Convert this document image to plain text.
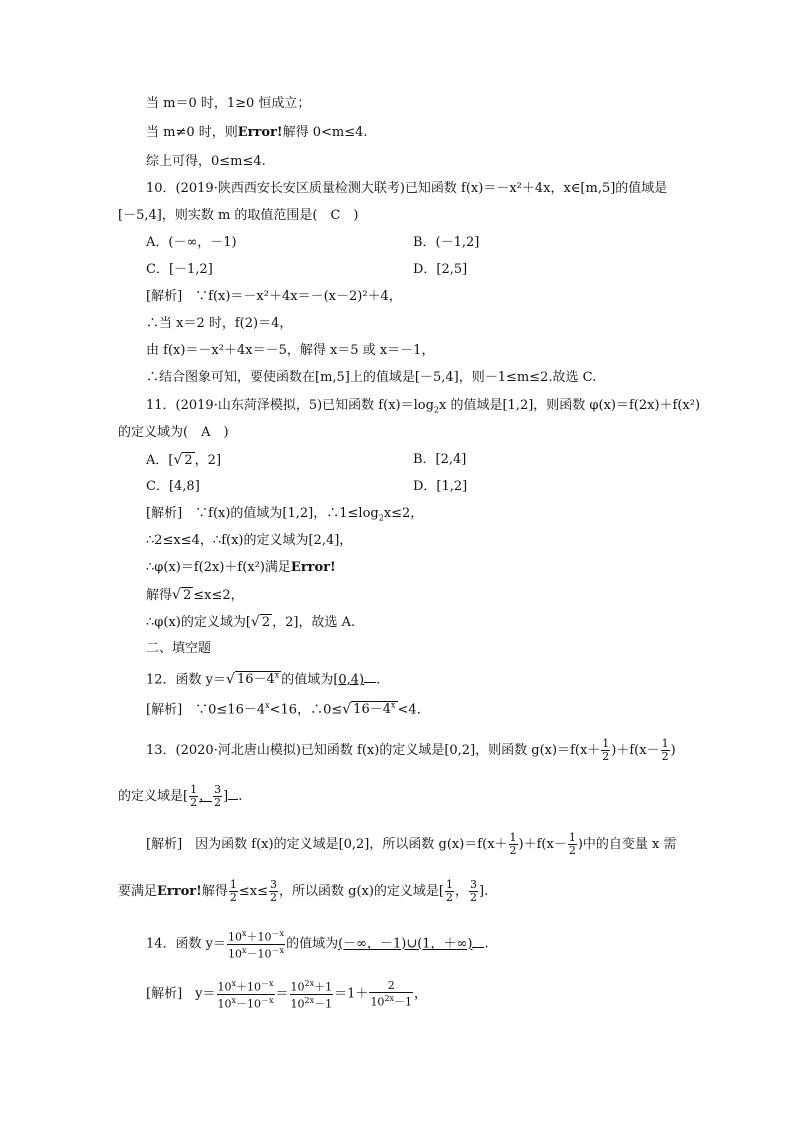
当 m＝0 时，1≥0 恒成立；
当 m≠0 时，则Error!解得 0<m≤4.
综上可得，0≤m≤4.
10．(2019·陕西西安长安区质量检测大联考)已知函数 f(x)＝－x²＋4x，x∈[m,5]的值域是
[－5,4]，则实数 m 的取值范围是(　C　)
A．(－∞，－1)	B．(－1,2]
C．[－1,2]	D．[2,5]
[解析]　∵f(x)＝－x²＋4x＝－(x－2)²＋4，
∴当 x＝2 时，f(2)＝4，
由 f(x)＝－x²＋4x＝－5，解得 x＝5 或 x＝－1，
∴结合图象可知，要使函数在[m,5]上的值域是[－5,4]，则－1≤m≤2.故选 C.
11．(2019·山东菏泽模拟，5)已知函数 $f(x)=\log_2x$ 的值域是[1,2]，则函数 φ(x)＝f(2x)＋f(x²)
的定义域为(　A　)
A．[√ 2 ，2]	B．[2,4]
C．[4,8]	D．[1,2]
[解析]　∵f(x)的值域为[1,2]，$\therefore 1\le\log_2x\le 2$，
∴2≤x≤4，∴f(x)的定义域为[2,4]，
∴φ(x)＝f(2x)＋f(x²)满足Error!
解得√ 2 ≤x≤2，
∴φ(x)的定义域为[√ 2 ，2]，故选 A.
二、填空题
12．函数 y＝√ $16-4^x$ 的值域为[0,4) .
[解析]　$\because 0\le 16-4^x<16$，∴0≤√ $16-4^x <4$.
13．(2020·河北唐山模拟)已知函数 f(x)的定义域是[0,2]，则函数 $g(x)=f(x+ \frac{1}{2} )+f(x- \frac{1}{2}$ )
的定义域是[ $\frac{1}{2}$ ， $\frac{3}{2}$ ] .
[解析]　因为函数 f(x)的定义域是[0,2]，所以函数 $g(x)=f(x+ \frac{1}{2} )+f(x- \frac{1}{2}$ )中的自变量 x 需
要满足Error!解得 $\frac{1}{2} \le x\le \frac{3}{2}$ ，所以函数 g(x)的定义域是[ $\frac{1}{2}$ ， $\frac{3}{2}$ ].
14．函数 $y= \frac{10^x+10^{-x}}{10^x-10^{-x}}$ 的值域为(－∞，－1)∪(1，＋∞) .
[解析]　$y= \frac{10^x+10^{-x}}{10^x-10^{-x}} = \frac{10^{2x}+1}{10^{2x}-1} =1+ \frac{2}{10^{2x}-1}$ ，
